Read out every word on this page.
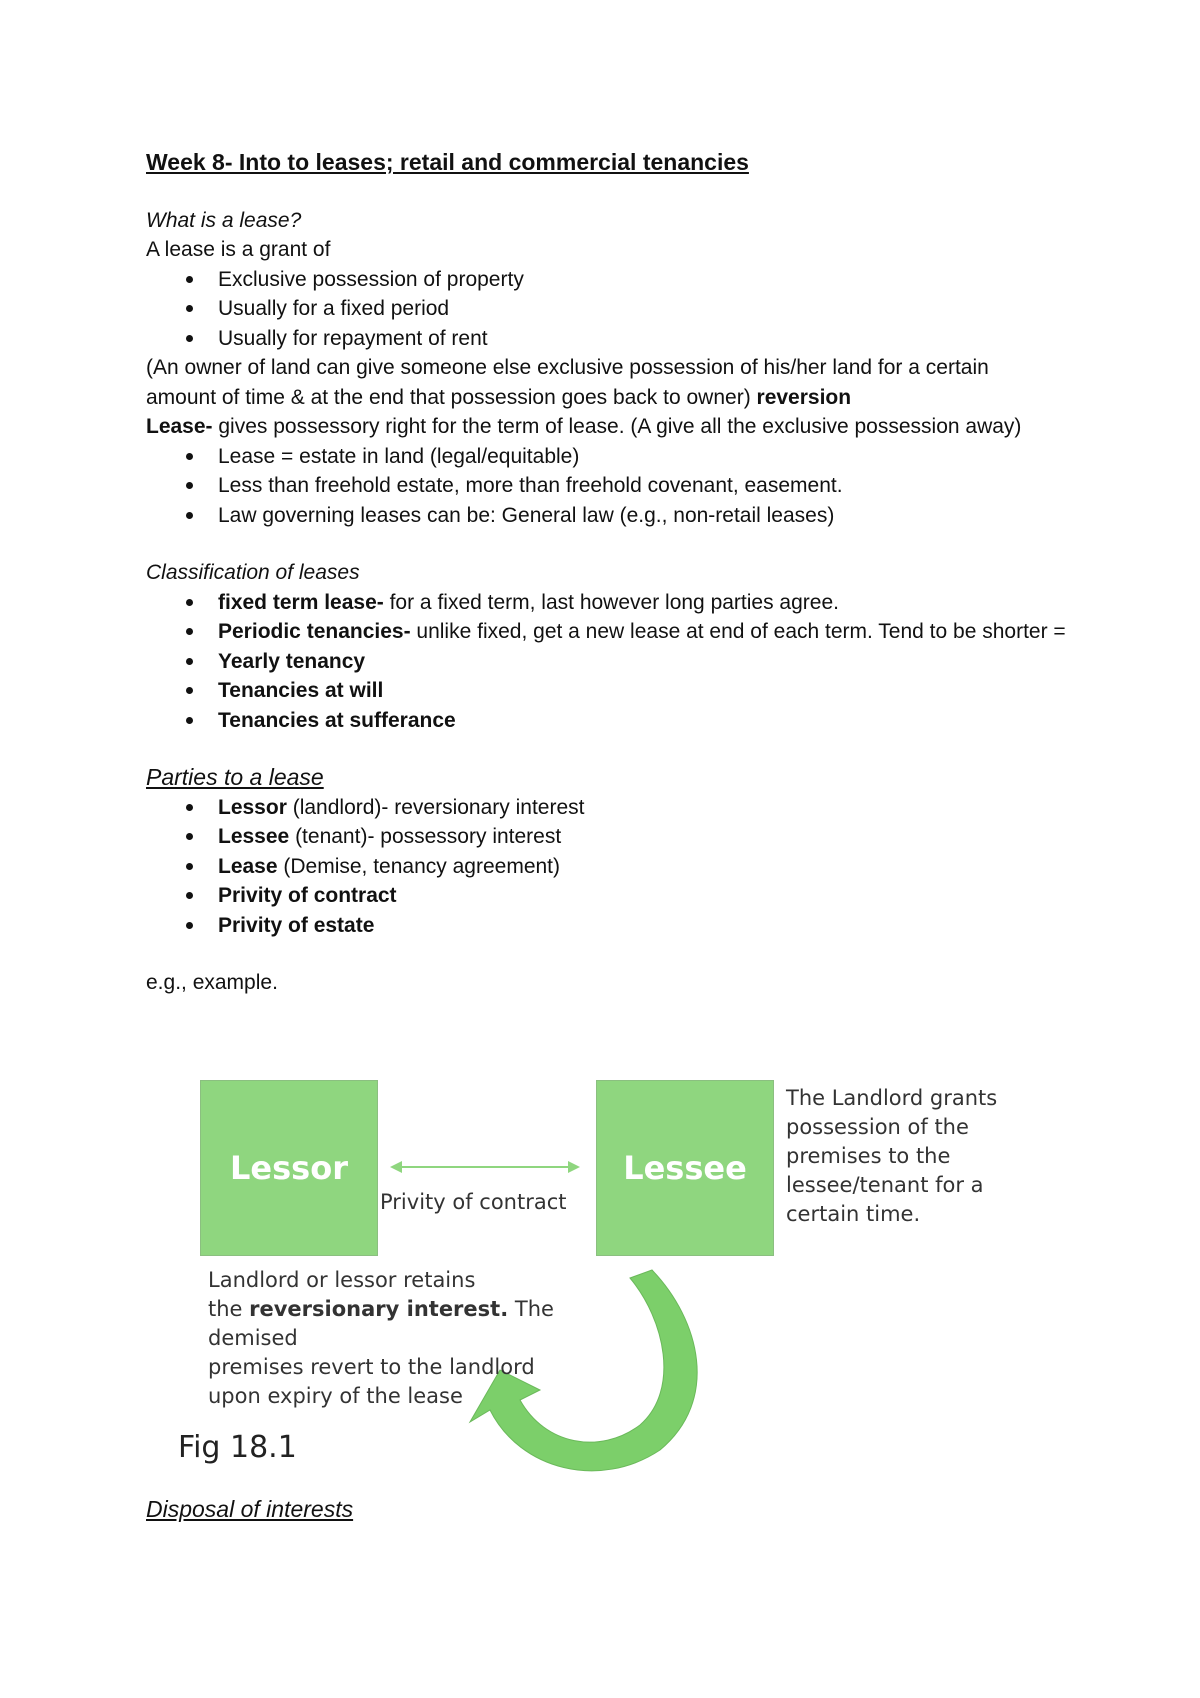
Week 8- Into to leases; retail and commercial tenancies
What is a lease?
A lease is a grant of
Exclusive possession of property
Usually for a fixed period
Usually for repayment of rent
(An owner of land can give someone else exclusive possession of his/her land for a certain
amount of time & at the end that possession goes back to owner) reversion
Lease- gives possessory right for the term of lease. (A give all the exclusive possession away)
Lease = estate in land (legal/equitable)
Less than freehold estate, more than freehold covenant, easement.
Law governing leases can be: General law (e.g., non-retail leases)
Classification of leases
fixed term lease- for a fixed term, last however long parties agree.
Periodic tenancies- unlike fixed, get a new lease at end of each term. Tend to be shorter =
Yearly tenancy
Tenancies at will
Tenancies at sufferance
Parties to a lease
Lessor (landlord)- reversionary interest
Lessee (tenant)- possessory interest
Lease (Demise, tenancy agreement)
Privity of contract
Privity of estate
e.g., example.
Lessor	Lessee
Privity of contract
The Landlord grants possession of the premises to the lessee/tenant for a certain time.
Landlord or lessor retains
the reversionary interest. The demised
premises revert to the landlord
upon expiry of the lease
Fig 18.1
Disposal of interests
